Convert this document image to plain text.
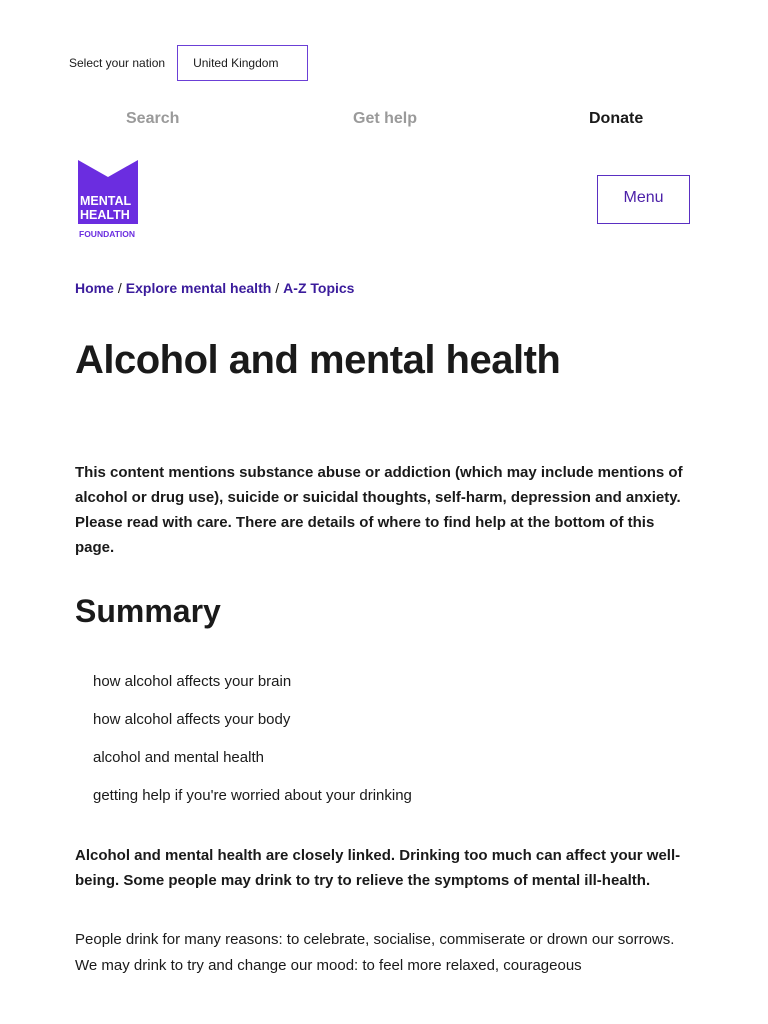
Select your nation United Kingdom
Search	Get help	Donate
MENTAL
HEALTH
FOUNDATION
Menu
Home / Explore mental health / A-Z Topics
Alcohol and mental health

This content mentions substance abuse or addiction (which may include mentions of alcohol or drug use), suicide or suicidal thoughts, self-harm, depression and anxiety. Please read with care. There are details of where to find help at the bottom of this page.

Summary
how alcohol affects your brain
how alcohol affects your body
alcohol and mental health
getting help if you're worried about your drinking

Alcohol and mental health are closely linked. Drinking too much can affect your well-being. Some people may drink to try to relieve the symptoms of mental ill-health.

People drink for many reasons: to celebrate, socialise, commiserate or drown our sorrows. We may drink to try and change our mood: to feel more relaxed, courageous
